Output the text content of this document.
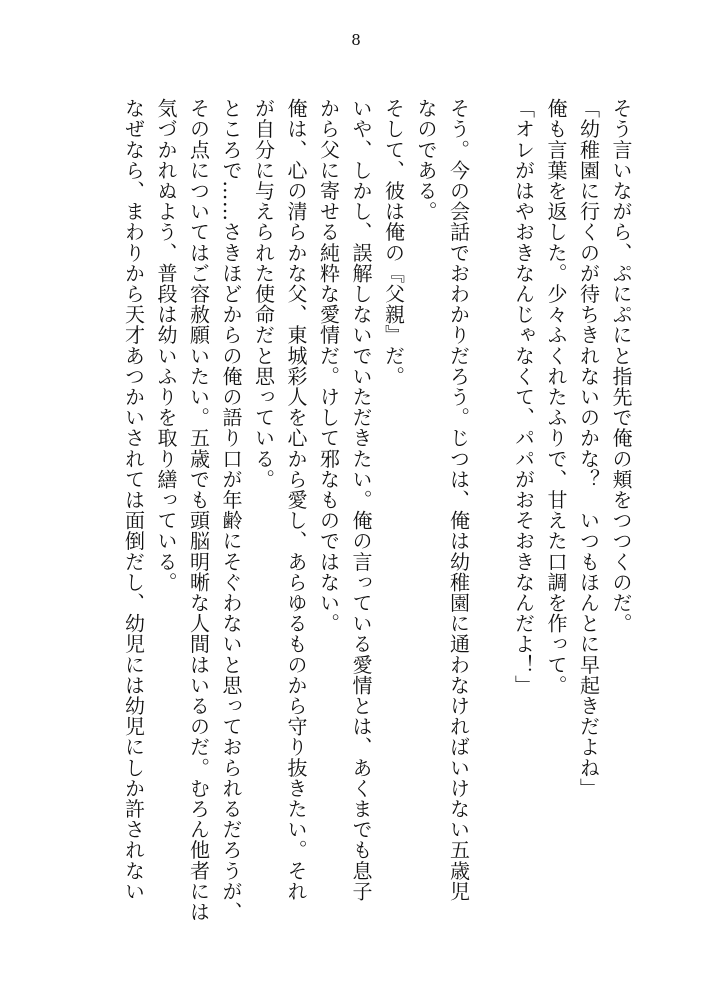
8

そう言いながら、ぷにぷにと指先で俺の頬をつつくのだ。

「幼稚園に行くのが待ちきれないのかな？　いつもほんとに早起きだよね」

俺も言葉を返した。少々ふくれたふりで、甘えた口調を作って。

「オレがはやおきなんじゃなくて、パパがおそおきなんだよ！」

そう。今の会話でおわかりだろう。じつは、俺は幼稚園に通わなければいけない五歳児

なのである。

そして、彼は俺の『父親』だ。

いや、しかし、誤解しないでいただきたい。俺の言っている愛情とは、あくまでも息子

から父に寄せる純粋な愛情だ。けして邪なものではない。

俺は、心の清らかな父、東城彩人を心から愛し、あらゆるものから守り抜きたい。それ

が自分に与えられた使命だと思っている。

ところで……さきほどからの俺の語り口が年齢にそぐわないと思っておられるだろうが、

その点についてはご容赦願いたい。五歳でも頭脳明晰な人間はいるのだ。むろん他者には

気づかれぬよう、普段は幼いふりを取り繕っている。

なぜなら、まわりから天才あつかいされては面倒だし、幼児には幼児にしか許されない
